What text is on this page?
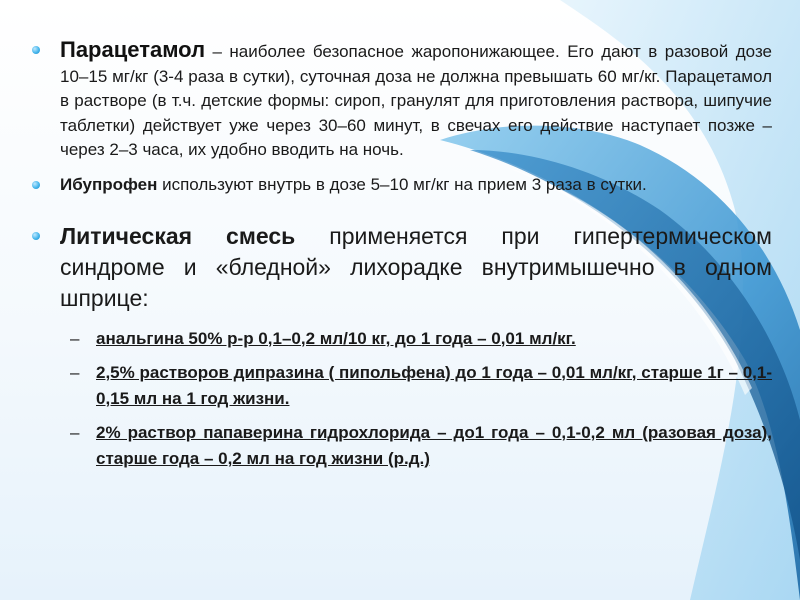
Парацетамол – наиболее безопасное жаропонижающее. Его дают в разовой дозе 10–15 мг/кг (3-4 раза в сутки), суточная доза не должна превышать 60 мг/кг. Парацетамол в растворе (в т.ч. детские формы: сироп, гранулят для приготовления раствора, шипучие таблетки) действует уже через 30–60 минут, в свечах его действие наступает позже – через 2–3 часа, их удобно вводить на ночь.
Ибупрофен используют внутрь в дозе 5–10 мг/кг на прием 3 раза в сутки.
Литическая смесь применяется при гипертермическом синдроме и «бледной» лихорадке внутримышечно в одном шприце:
– анальгина 50% р-р 0,1–0,2 мл/10 кг, до 1 года – 0,01 мл/кг.
– 2,5% растворов дипразина ( пипольфена) до 1 года – 0,01 мл/кг, старше 1г – 0,1-0,15 мл на 1 год жизни.
– 2% раствор папаверина гидрохлорида – до1 года – 0,1-0,2 мл (разовая доза), старше года – 0,2 мл на год жизни (р.д.)
